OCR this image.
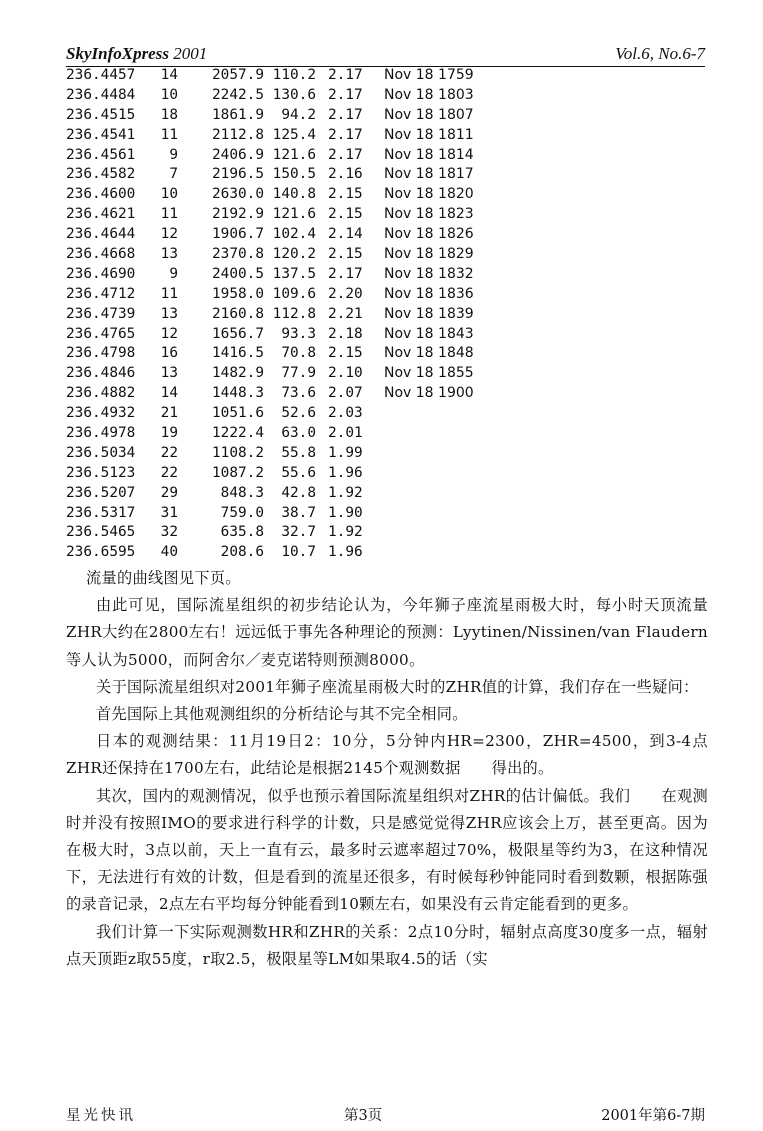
SkyInfoXpress 2001	Vol.6, No.6-7
236.4457	14	2057.9 110.2 2.17 Nov 18 1759
236.4484	10	2242.5 130.6 2.17 Nov 18 1803
236.4515	18	1861.9	94.2 2.17 Nov 18 1807
236.4541	11	2112.8 125.4 2.17 Nov 18 1811
236.4561	9	2406.9 121.6 2.17 Nov 18 1814
236.4582	7	2196.5 150.5 2.16 Nov 18 1817
236.4600	10	2630.0 140.8 2.15 Nov 18 1820
236.4621	11	2192.9 121.6 2.15 Nov 18 1823
236.4644	12	1906.7 102.4 2.14 Nov 18 1826
236.4668	13	2370.8 120.2 2.15 Nov 18 1829
236.4690	9	2400.5 137.5 2.17 Nov 18 1832
236.4712	11	1958.0 109.6 2.20 Nov 18 1836
236.4739	13	2160.8 112.8 2.21 Nov 18 1839
236.4765	12	1656.7	93.3 2.18 Nov 18 1843
236.4798	16	1416.5	70.8 2.15 Nov 18 1848
236.4846	13	1482.9	77.9 2.10 Nov 18 1855
236.4882	14	1448.3	73.6 2.07 Nov 18 1900
236.4932	21	1051.6	52.6 2.03
236.4978	19	1222.4	63.0 2.01
236.5034	22	1108.2	55.8 1.99
236.5123	22	1087.2	55.6 1.96
236.5207	29	848.3	42.8 1.92
236.5317	31	759.0	38.7 1.90
236.5465	32	635.8	32.7 1.92
236.6595	40	208.6	10.7 1.96

流量的曲线图见下页。

由此可见，国际流星组织的初步结论认为，今年狮子座流星雨极大时，每小时天顶流量ZHR大约在2800左右！远远低于事先各种理论的预测：Lyytinen/Nissinen/van Flaudern等人认为5000，而阿舍尔／麦克诺特则预测8000。

关于国际流星组织对2001年狮子座流星雨极大时的ZHR值的计算，我们存在一些疑问：

首先国际上其他观测组织的分析结论与其不完全相同。

日本的观测结果：11月19日2：10分，5分钟内HR=2300，ZHR=4500，到3-4点ZHR还保持在1700左右，此结论是根据2145个观测数据　　得出的。

其次，国内的观测情况，似乎也预示着国际流星组织对ZHR的估计偏低。我们　　在观测时并没有按照IMO的要求进行科学的计数，只是感觉觉得ZHR应该会上万，甚至更高。因为在极大时，3点以前，天上一直有云，最多时云遮率超过70%，极限星等约为3，在这种情况下，无法进行有效的计数，但是看到的流星还很多，有时候每秒钟能同时看到数颗，根据陈强的录音记录，2点左右平均每分钟能看到10颗左右，如果没有云肯定能看到的更多。

我们计算一下实际观测数HR和ZHR的关系：2点10分时，辐射点高度30度多一点，辐射点天顶距z取55度，r取2.5，极限星等LM如果取4.5的话（实

星光快讯	第3页	2001年第6-7期
